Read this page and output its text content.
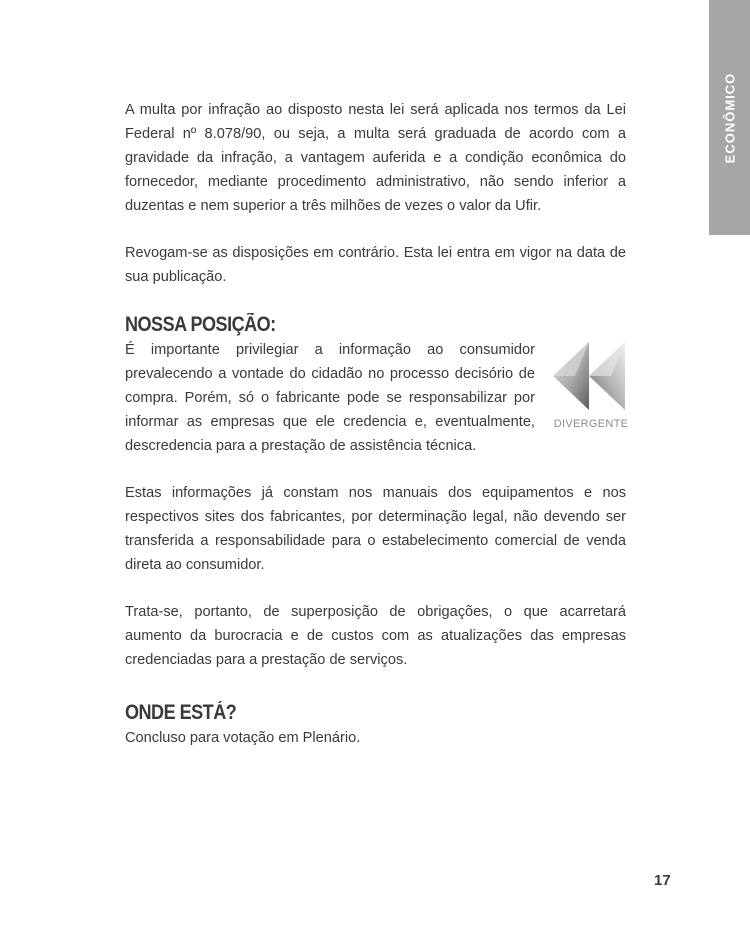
ECONÔMICO

A multa por infração ao disposto nesta lei será aplicada nos termos da Lei Federal nº 8.078/90, ou seja, a multa será graduada de acordo com a gravidade da infração, a vantagem auferida e a condição econômica do fornecedor, mediante procedimento administrativo, não sendo inferior a duzentas e nem superior a três milhões de vezes o valor da Ufir.

Revogam-se as disposições em contrário. Esta lei entra em vigor na data de sua publicação.

NOSSA POSIÇÃO:

É importante privilegiar a informação ao consumidor prevalecendo a vontade do cidadão no processo decisório de compra. Porém, só o fabricante pode se responsabilizar por informar as empresas que ele credencia e, eventualmente, descredencia para a prestação de assistência técnica.

DIVERGENTE

Estas informações já constam nos manuais dos equipamentos e nos respectivos sites dos fabricantes, por determinação legal, não devendo ser transferida a responsabilidade para o estabelecimento comercial de venda direta ao consumidor.

Trata-se, portanto, de superposição de obrigações, o que acarretará aumento da burocracia e de custos com as atualizações das empresas credenciadas para a prestação de serviços.

ONDE ESTÁ?

Concluso para votação em Plenário.

17
